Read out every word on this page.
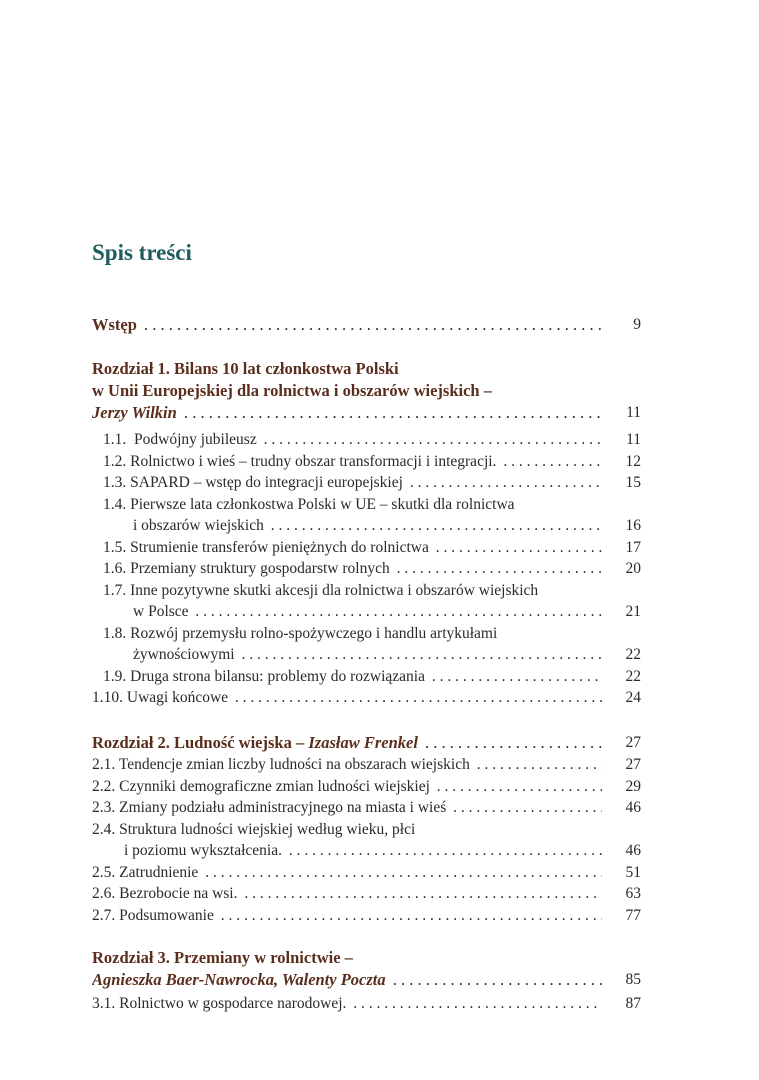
Spis treści
Wstęp . . .	9
Rozdział 1. Bilans 10 lat członkostwa Polski
w Unii Europejskiej dla rolnictwa i obszarów wiejskich –
Jerzy Wilkin . . .	11
1.1. Podwójny jubileusz . . .	11
1.2. Rolnictwo i wieś – trudny obszar transformacji i integracji. . . .	12
1.3. SAPARD – wstęp do integracji europejskiej . . .	15
1.4. Pierwsze lata członkostwa Polski w UE – skutki dla rolnictwa
i obszarów wiejskich . . .	16
1.5. Strumienie transferów pieniężnych do rolnictwa . . .	17
1.6. Przemiany struktury gospodarstw rolnych . . .	20
1.7. Inne pozytywne skutki akcesji dla rolnictwa i obszarów wiejskich
w Polsce . . .	21
1.8. Rozwój przemysłu rolno-spożywczego i handlu artykułami
żywnościowymi . . .	22
1.9. Druga strona bilansu: problemy do rozwiązania . . .	22
1.10. Uwagi końcowe . . .	24
Rozdział 2. Ludność wiejska – Izasław Frenkel . . .	27
2.1. Tendencje zmian liczby ludności na obszarach wiejskich . . .	27
2.2. Czynniki demograficzne zmian ludności wiejskiej . . .	29
2.3. Zmiany podziału administracyjnego na miasta i wieś . . .	46
2.4. Struktura ludności wiejskiej według wieku, płci
i poziomu wykształcenia. . . .	46
2.5. Zatrudnienie . . .	51
2.6. Bezrobocie na wsi. . . .	63
2.7. Podsumowanie . . .	77
Rozdział 3. Przemiany w rolnictwie –
Agnieszka Baer-Nawrocka, Walenty Poczta . . .	85
3.1. Rolnictwo w gospodarce narodowej. . . .	87
